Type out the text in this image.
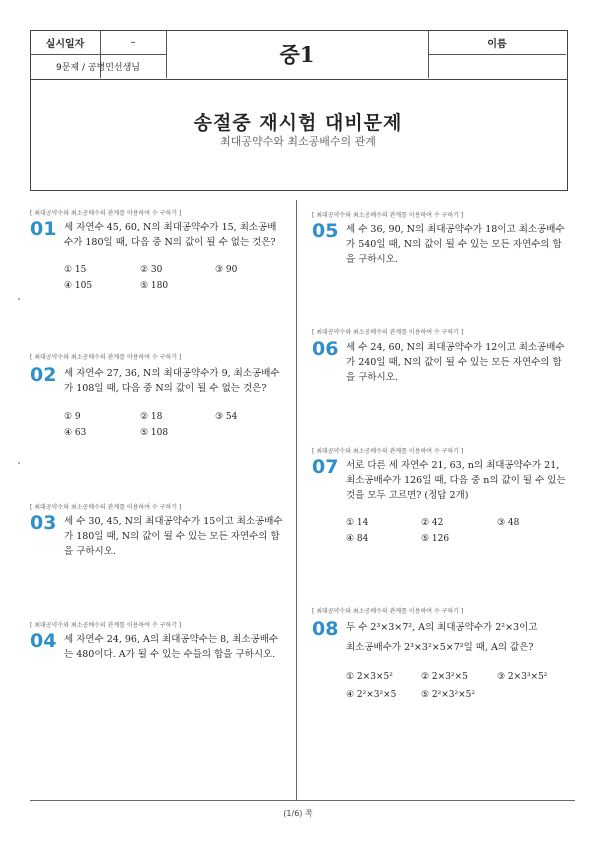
실시일자	–
9문제 / 공병민선생님
중1	이름
송절중 재시험 대비문제
최대공약수와 최소공배수의 관계
[ 최대공약수와 최소공배수의 관계를 이용하여 수 구하기 ]
01 세 자연수 45, 60, N의 최대공약수가 15, 최소공배수가 180일 때, 다음 중 N의 값이 될 수 없는 것은?
① 15	② 30	③ 90
④ 105	⑤ 180
[ 최대공약수와 최소공배수의 관계를 이용하여 수 구하기 ]
02 세 자연수 27, 36, N의 최대공약수가 9, 최소공배수가 108일 때, 다음 중 N의 값이 될 수 없는 것은?
① 9	② 18	③ 54
④ 63	⑤ 108
[ 최대공약수와 최소공배수의 관계를 이용하여 수 구하기 ]
03 세 수 30, 45, N의 최대공약수가 15이고 최소공배수가 180일 때, N의 값이 될 수 있는 모든 자연수의 합을 구하시오.
[ 최대공약수와 최소공배수의 관계를 이용하여 수 구하기 ]
04 세 자연수 24, 96, A의 최대공약수는 8, 최소공배수는 480이다. A가 될 수 있는 수들의 합을 구하시오.
[ 최대공약수와 최소공배수의 관계를 이용하여 수 구하기 ]
05 세 수 36, 90, N의 최대공약수가 18이고 최소공배수가 540일 때, N의 값이 될 수 있는 모든 자연수의 합을 구하시오.
[ 최대공약수와 최소공배수의 관계를 이용하여 수 구하기 ]
06 세 수 24, 60, N의 최대공약수가 12이고 최소공배수가 240일 때, N의 값이 될 수 있는 모든 자연수의 합을 구하시오.
[ 최대공약수와 최소공배수의 관계를 이용하여 수 구하기 ]
07 서로 다른 세 자연수 21, 63, n의 최대공약수가 21, 최소공배수가 126일 때, 다음 중 n의 값이 될 수 있는 것을 모두 고르면? (정답 2개)
① 14	② 42	③ 48
④ 84	⑤ 126
[ 최대공약수와 최소공배수의 관계를 이용하여 수 구하기 ]
08 두 수 2³×3×7², A의 최대공약수가 2²×3이고
최소공배수가 2³×3²×5×7²일 때, A의 값은?
① 2×3×5²	② 2×3²×5	③ 2×3³×5²
④ 2²×3²×5	⑤ 2²×3²×5²
(1/6) 쪽
